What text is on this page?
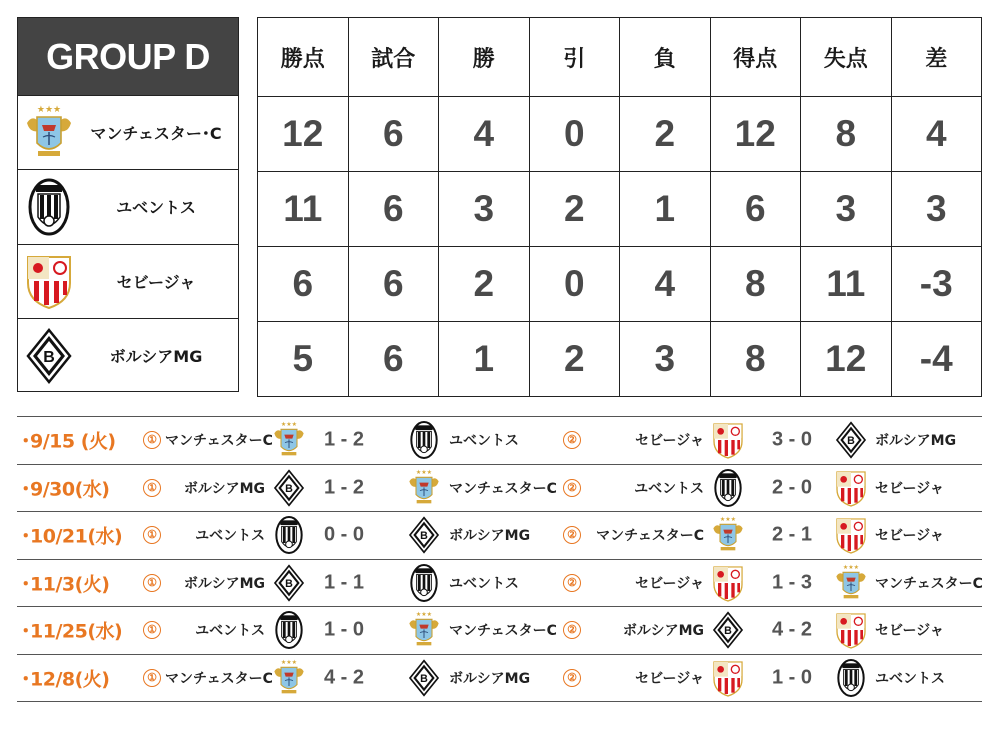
GROUP D
マンチェスター･C
ユベントス
セビージャ
ボルシアMG
勝点	試合	勝	引	負	得点	失点	差
12	6	4	0	2	12	8	4
11	6	3	2	1	6	3	3
6	6	2	0	4	8	11	-3
5	6	1	2	3	8	12	-4
･9/15 (火)	① マンチェスターC	1 - 2	ユベントス	②	セビージャ	3 - 0	ボルシアMG
･9/30(水)	①	ボルシアMG	1 - 2	マンチェスターC ②	ユベントス	2 - 0	セビージャ
･10/21(水)	①	ユベントス	0 - 0	ボルシアMG	②	マンチェスターC	2 - 1	セビージャ
･11/3(火)	①	ボルシアMG	1 - 1	ユベントス	②	セビージャ	1 - 3	マンチェスターC
･11/25(水)	①	ユベントス	1 - 0	マンチェスターC ②	ボルシアMG	4 - 2	セビージャ
･12/8(火)	① マンチェスターC	4 - 2	ボルシアMG	②	セビージャ	1 - 0	ユベントス
